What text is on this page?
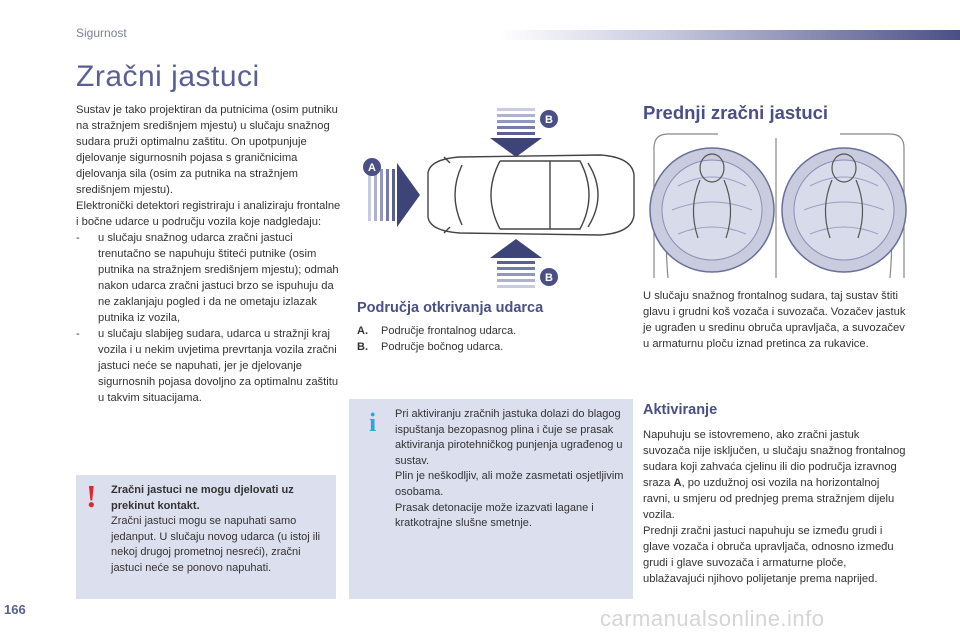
Sigurnost
Zračni jastuci
Sustav je tako projektiran da putnicima (osim putniku na stražnjem središnjem mjestu) u slučaju snažnog sudara pruži optimalnu zaštitu. On upotpunjuje djelovanje sigurnosnih pojasa s graničnicima djelovanja sila (osim za putnika na stražnjem središnjem mjestu).
Elektronički detektori registriraju i analiziraju frontalne i bočne udarce u području vozila koje nadgledaju:
- u slučaju snažnog udarca zračni jastuci trenutačno se napuhuju štiteći putnike (osim putnika na stražnjem središnjem mjestu); odmah nakon udarca zračni jastuci brzo se ispuhuju da ne zaklanjaju pogled i da ne ometaju izlazak putnika iz vozila,
- u slučaju slabijeg sudara, udarca u stražnji kraj vozila i u nekim uvjetima prevrtanja vozila zračni jastuci neće se napuhati, jer je djelovanje sigurnosnih pojasa dovoljno za optimalnu zaštitu u takvim situacijama.
! Zračni jastuci ne mogu djelovati uz prekinut kontakt.
Zračni jastuci mogu se napuhati samo jedanput. U slučaju novog udarca (u istoj ili nekoj drugoj prometnoj nesreći), zračni jastuci neće se ponovo napuhati.
B
B
A
Područja otkrivanja udarca
A. Područje frontalnog udarca.
B. Područje bočnog udarca.
i Pri aktiviranju zračnih jastuka dolazi do blagog ispuštanja bezopasnog plina i čuje se prasak aktiviranja pirotehničkog punjenja ugrađenog u sustav.
Plin je neškodljiv, ali može zasmetati osjetljivim osobama.
Prasak detonacije može izazvati lagane i kratkotrajne slušne smetnje.
Prednji zračni jastuci
U slučaju snažnog frontalnog sudara, taj sustav štiti glavu i grudni koš vozača i suvozača. Vozačev jastuk je ugrađen u sredinu obruča upravljača, a suvozačev u armaturnu ploču iznad pretinca za rukavice.
Aktiviranje
Napuhuju se istovremeno, ako zračni jastuk suvozača nije isključen, u slučaju snažnog frontalnog sudara koji zahvaća cjelinu ili dio područja izravnog sraza A, po uzdužnoj osi vozila na horizontalnoj ravni, u smjeru od prednjeg prema stražnjem dijelu vozila.
Prednji zračni jastuci napuhuju se između grudi i glave vozača i obruča upravljača, odnosno između grudi i glave suvozača i armaturne ploče, ublažavajući njihovo polijetanje prema naprijed.
166	carmanualsonline.info
